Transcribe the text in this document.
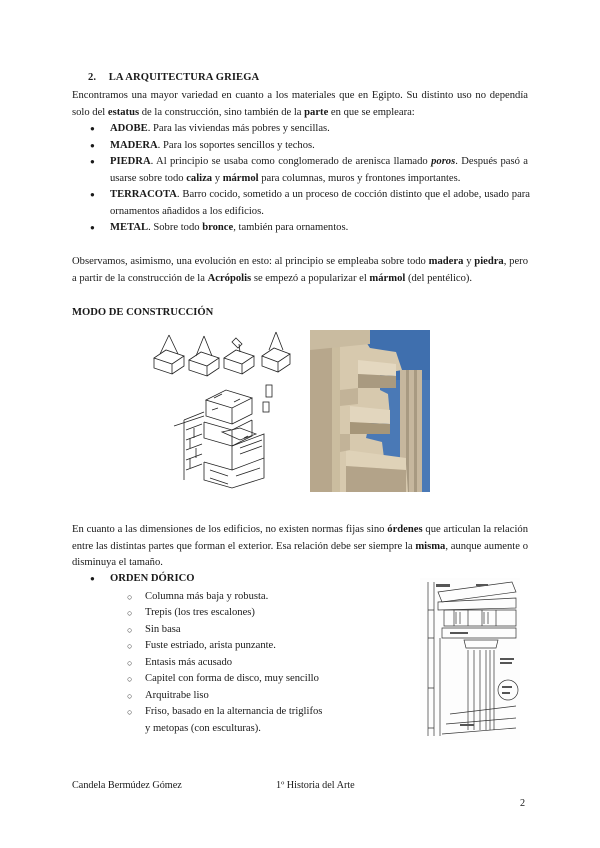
2. LA ARQUITECTURA GRIEGA
Encontramos una mayor variedad en cuanto a los materiales que en Egipto. Su distinto uso no dependía solo del estatus de la construcción, sino también de la parte en que se empleara:
● ADOBE. Para las viviendas más pobres y sencillas.
● MADERA. Para los soportes sencillos y techos.
● PIEDRA. Al principio se usaba como conglomerado de arenisca llamado poros. Después pasó a usarse sobre todo caliza y mármol para columnas, muros y frontones importantes.
● TERRACOTA. Barro cocido, sometido a un proceso de cocción distinto que el adobe, usado para ornamentos añadidos a los edificios.
● METAL. Sobre todo bronce, también para ornamentos.
Observamos, asimismo, una evolución en esto: al principio se empleaba sobre todo madera y piedra, pero a partir de la construcción de la Acrópolis se empezó a popularizar el mármol (del pentélico).
MODO DE CONSTRUCCIÓN
En cuanto a las dimensiones de los edificios, no existen normas fijas sino órdenes que articulan la relación entre las distintas partes que forman el exterior. Esa relación debe ser siempre la misma, aunque aumente o disminuya el tamaño.
● ORDEN DÓRICO
○ Columna más baja y robusta.
○ Trepis (los tres escalones)
○ Sin basa
○ Fuste estriado, arista punzante.
○ Entasis más acusado
○ Capitel con forma de disco, muy sencillo
○ Arquitrabe liso
○ Friso, basado en la alternancia de triglifos y metopas (con esculturas).
Candela Bermúdez Gómez	1º Historia del Arte
2
